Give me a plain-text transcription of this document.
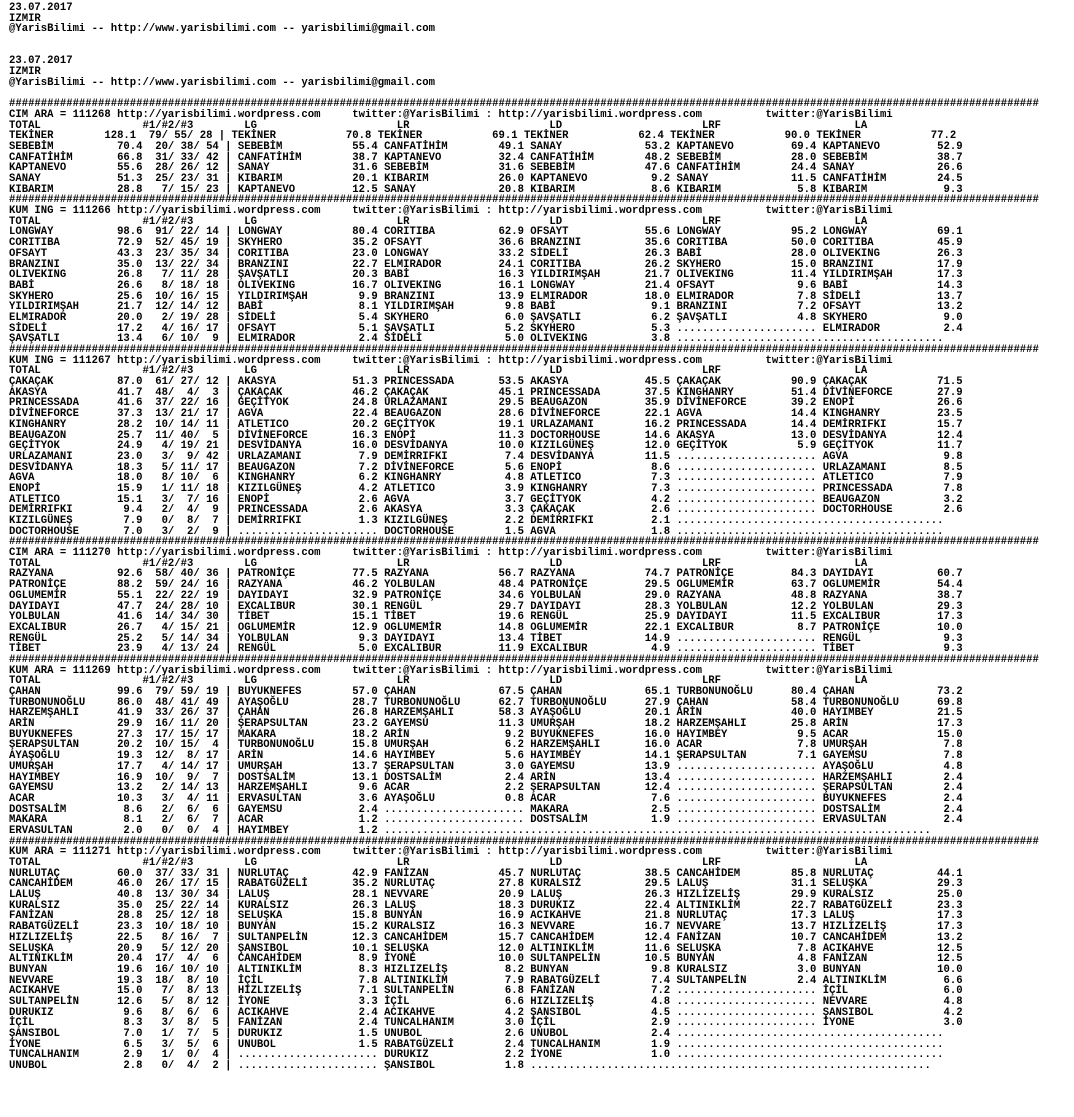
23.07.2017
IZMIR
@YarisBilimi -- http://www.yarisbilimi.com -- yarisbilimi@gmail.com

23.07.2017
IZMIR
@YarisBilimi -- http://www.yarisbilimi.com -- yarisbilimi@gmail.com

##################################################################################################################################################################
CIM ARA = 111268 http://yarisbilimi.wordpress.com     twitter:@YarisBilimi : http://yarisbilimi.wordpress.com          twitter:@YarisBilimi
TOTAL                #1/#2/#3        LG                      LR                      LD                      LRF                     LA
TEKİNER        128.1  79/ 55/ 28 | TEKİNER           70.8 TEKİNER           69.1 TEKİNER           62.4 TEKİNER           90.0 TEKİNER           77.2
SEBEBİM          70.4  20/ 38/ 54 | SEBEBİM           55.4 CANFATİHİM        49.1 SANAY             53.2 KAPTANEVO         69.4 KAPTANEVO         52.9
CANFATİHİM       66.8  31/ 33/ 42 | CANFATİHİM        38.7 KAPTANEVO         32.4 CANFATİHİM        48.2 SEBEBİM           28.0 SEBEBİM           38.7
KAPTANEVO        55.6  28/ 26/ 12 | SANAY             31.6 SEBEBİM           31.6 SEBEBİM           47.6 CANFATİHİM        24.4 SANAY             26.6
SANAY            51.3  25/ 23/ 31 | KIBARIM           20.1 KIBARIM           26.0 KAPTANEVO          9.2 SANAY             11.5 CANFATİHİM        24.5
KIBARIM          28.8   7/ 15/ 23 | KAPTANEVO         12.5 SANAY             20.8 KIBARIM            8.6 KIBARIM            5.8 KIBARIM            9.3
##################################################################################################################################################################
KUM ING = 111266 http://yarisbilimi.wordpress.com     twitter:@YarisBilimi : http://yarisbilimi.wordpress.com          twitter:@YarisBilimi
TOTAL                #1/#2/#3        LG                      LR                      LD                      LRF                     LA
LONGWAY          98.6  91/ 22/ 14 | LONGWAY           80.4 CORITIBA          62.9 OFSAYT            55.6 LONGWAY           95.2 LONGWAY           69.1
CORITIBA         72.9  52/ 45/ 19 | SKYHERO           35.2 OFSAYT            36.6 BRANZINI          35.6 CORITIBA          50.0 CORITIBA          45.9
OFSAYT           43.3  23/ 35/ 34 | CORITIBA          23.0 LONGWAY           33.2 SİDELİ            26.3 BABİ              28.0 OLIVEKING         26.3
BRANZINI         35.0  13/ 22/ 34 | BRANZINI          22.7 ELMIRADOR         24.1 CORITIBA          26.2 SKYHERO           15.0 BRANZINI          17.9
OLIVEKING        26.8   7/ 11/ 28 | ŞAVŞATLI          20.3 BABİ              16.3 YILDIRIMŞAH       21.7 OLIVEKING         11.4 YILDIRIMŞAH       17.3
BABİ             26.6   8/ 18/ 18 | OLIVEKING         16.7 OLIVEKING         16.1 LONGWAY           21.4 OFSAYT             9.6 BABİ              14.3
SKYHERO          25.6  10/ 16/ 15 | YILDIRIMŞAH        9.9 BRANZINI          13.9 ELMIRADOR         18.0 ELMIRADOR          7.8 SİDELİ            13.7
YILDIRIMŞAH      21.7  12/ 14/ 12 | BABİ               8.1 YILDIRIMŞAH        9.8 BABİ               9.1 BRANZINI           7.2 OFSAYT            13.2
ELMIRADOR        20.0   2/ 19/ 28 | SİDELİ             5.4 SKYHERO            6.0 ŞAVŞATLI           6.2 ŞAVŞATLI           4.8 SKYHERO            9.0
SİDELİ           17.2   4/ 16/ 17 | OFSAYT             5.1 ŞAVŞATLI           5.2 SKYHERO            5.3 ...................... ELMIRADOR          2.4
ŞAVŞATLI         13.4   6/ 10/  9 | ELMIRADOR          2.4 SİDELİ             5.0 OLIVEKING          3.8 ..........................................
##################################################################################################################################################################
KUM ING = 111267 http://yarisbilimi.wordpress.com     twitter:@YarisBilimi : http://yarisbilimi.wordpress.com          twitter:@YarisBilimi
TOTAL                #1/#2/#3        LG                      LR                      LD                      LRF                     LA
ÇAKAÇAK          87.0  61/ 27/ 12 | AKASYA            51.3 PRINCESSADA       53.5 AKASYA            45.5 ÇAKAÇAK           90.9 ÇAKAÇAK           71.5
AKASYA           41.7  48/  4/  3 | ÇAKAÇAK           46.2 ÇAKAÇAK           45.1 PRINCESSADA       37.5 KINGHANRY         51.4 DİVİNEFORCE       27.9
PRINCESSADA      41.6  37/ 22/ 16 | GEÇİTYOK          24.8 URLAZAMANI        29.5 BEAUGAZON         35.9 DİVİNEFORCE       39.2 ENOPİ             26.6
DİVİNEFORCE      37.3  13/ 21/ 17 | AGVA              22.4 BEAUGAZON         28.6 DİVİNEFORCE       22.1 AGVA              14.4 KINGHANRY         23.5
KINGHANRY        28.2  10/ 14/ 11 | ATLETICO          20.2 GEÇİTYOK          19.1 URLAZAMANI        16.2 PRINCESSADA       14.4 DEMİRRIFKI        15.7
BEAUGAZON        25.7  11/ 40/  5 | DİVİNEFORCE       16.3 ENOPİ             11.3 DOCTORHOUSE       14.6 AKASYA            13.0 DESVİDANYA        12.4
GEÇİTYOK         24.9   4/ 19/ 21 | DESVİDANYA        16.0 DESVİDANYA        10.0 KIZILGÜNEŞ        12.0 GEÇİTYOK           5.9 GEÇİTYOK          11.7
URLAZAMANI       23.0   3/  9/ 42 | URLAZAMANI         7.9 DEMİRRIFKI         7.4 DESVİDANYA        11.5 ...................... AGVA               9.8
DESVİDANYA       18.3   5/ 11/ 17 | BEAUGAZON          7.2 DİVİNEFORCE        5.6 ENOPİ              8.6 ...................... URLAZAMANI         8.5
AGVA             18.0   8/ 10/  6 | KINGHANRY          6.2 KINGHANRY          4.8 ATLETICO           7.3 ...................... ATLETICO           7.9
ENOPİ            15.9   1/ 11/ 18 | KIZILGÜNEŞ         4.2 ATLETICO           3.9 KINGHANRY          7.3 ...................... PRINCESSADA        7.8
ATLETICO         15.1   3/  7/ 16 | ENOPİ              2.6 AGVA               3.7 GEÇİTYOK           4.2 ...................... BEAUGAZON          3.2
DEMİRRIFKI        9.4   2/  4/  9 | PRINCESSADA        2.6 AKASYA             3.3 ÇAKAÇAK            2.6 ...................... DOCTORHOUSE        2.6
KIZILGÜNEŞ        7.9   0/  8/  7 | DEMİRRIFKI         1.3 KIZILGÜNEŞ         2.2 DEMİRRIFKI         2.1 ..........................................
DOCTORHOUSE       7.0   3/  2/  9 | ...................... DOCTORHOUSE        1.5 AGVA               1.8 ..........................................
##################################################################################################################################################################
CIM ARA = 111270 http://yarisbilimi.wordpress.com     twitter:@YarisBilimi : http://yarisbilimi.wordpress.com          twitter:@YarisBilimi
TOTAL                #1/#2/#3        LG                      LR                      LD                      LRF                     LA
RAZYANA          92.6  58/ 40/ 36 | PATRONİÇE         77.5 RAZYANA           56.7 RAZYANA           74.7 PATRONİÇE         84.3 DAYIDAYI          60.7
PATRONİÇE        88.2  59/ 24/ 16 | RAZYANA           46.2 YOLBULAN          48.4 PATRONİÇE         29.5 OGLUMEMİR         63.7 OGLUMEMİR         54.4
OGLUMEMİR        55.1  22/ 22/ 19 | DAYIDAYI          32.9 PATRONİÇE         34.6 YOLBULAN          29.0 RAZYANA           48.8 RAZYANA           38.7
DAYIDAYI         47.7  24/ 28/ 10 | EXCALIBUR         30.1 RENGÜL            29.7 DAYIDAYI          28.3 YOLBULAN          12.2 YOLBULAN          29.3
YOLBULAN         41.6  14/ 34/ 30 | TİBET             15.1 TİBET             19.6 RENGÜL            25.9 DAYIDAYI          11.5 EXCALIBUR         17.3
EXCALIBUR        26.7   4/ 15/ 21 | OGLUMEMİR         12.9 OGLUMEMİR         14.8 OGLUMEMİR         22.1 EXCALIBUR          8.7 PATRONİÇE         10.0
RENGÜL           25.2   5/ 14/ 34 | YOLBULAN           9.3 DAYIDAYI          13.4 TİBET             14.9 ...................... RENGÜL             9.3
TİBET            23.9   4/ 13/ 24 | RENGÜL             5.0 EXCALIBUR         11.9 EXCALIBUR          4.9 ...................... TİBET              9.3
##################################################################################################################################################################
KUM ARA = 111269 http://yarisbilimi.wordpress.com     twitter:@YarisBilimi : http://yarisbilimi.wordpress.com          twitter:@YarisBilimi
TOTAL                #1/#2/#3        LG                      LR                      LD                      LRF                     LA
ÇAHAN            99.6  79/ 59/ 19 | BUYUKNEFES        57.0 ÇAHAN             67.5 ÇAHAN             65.1 TURBONUNOĞLU      80.4 ÇAHAN             73.2
TURBONUNOĞLU     86.0  48/ 41/ 49 | AYAŞOĞLU          28.7 TURBONUNOĞLU      62.7 TURBONUNOĞLU      27.9 ÇAHAN             58.4 TURBONUNOĞLU      69.8
HARZEMŞAHLI      41.9  33/ 26/ 37 | ÇAHAN             26.8 HARZEMŞAHLI       58.3 AYAŞOĞLU          20.1 ARİN              40.0 HAYIMBEY          21.5
ARİN             29.9  16/ 11/ 20 | ŞERAPSULTAN       23.2 GAYEMSU           11.3 UMURŞAH           18.2 HARZEMŞAHLI       25.8 ARİN              17.3
BUYUKNEFES       27.3  17/ 15/ 17 | MAKARA            18.2 ARİN               9.2 BUYUKNEFES        16.0 HAYIMBEY           9.5 ACAR              15.0
ŞERAPSULTAN      20.2  10/ 15/  4 | TURBONUNOĞLU      15.8 UMURŞAH            6.2 HARZEMŞAHLI       16.0 ACAR               7.8 UMURŞAH            7.8
AYAŞOĞLU         19.3  12/  8/ 17 | ARİN              14.6 HAYIMBEY           5.6 HAYIMBEY          14.1 ŞERAPSULTAN        7.1 GAYEMSU            7.8
UMURŞAH          17.7   4/ 14/ 17 | UMURŞAH           13.7 ŞERAPSULTAN        3.0 GAYEMSU           13.9 ...................... AYAŞOĞLU           4.8
HAYIMBEY         16.9  10/  9/  7 | DOSTSALİM         13.1 DOSTSALİM          2.4 ARİN              13.4 ...................... HARZEMŞAHLI        2.4
GAYEMSU          13.2   2/ 14/ 13 | HARZEMŞAHLI        9.6 ACAR               2.2 ŞERAPSULTAN       12.4 ...................... ŞERAPSULTAN        2.4
ACAR             10.3   3/  4/ 11 | ERVASULTAN         3.6 AYAŞOĞLU           0.8 ACAR               7.6 ...................... BUYUKNEFES         2.4
DOSTSALİM         8.6   2/  6/  6 | GAYEMSU            2.4 ...................... MAKARA             2.5 ...................... DOSTSALİM          2.4
MAKARA            8.1   2/  6/  7 | ACAR               1.2 ...................... DOSTSALİM          1.9 ...................... ERVASULTAN         2.4
ERVASULTAN        2.0   0/  0/  4 | HAYIMBEY           1.2 ......................................................................................
##################################################################################################################################################################
KUM ARA = 111271 http://yarisbilimi.wordpress.com     twitter:@YarisBilimi : http://yarisbilimi.wordpress.com          twitter:@YarisBilimi
TOTAL                #1/#2/#3        LG                      LR                      LD                      LRF                     LA
NURLUTAÇ         60.0  37/ 33/ 31 | NURLUTAÇ          42.9 FANİZAN           45.7 NURLUTAÇ          38.5 CANCAHİDEM        85.8 NURLUTAÇ          44.1
CANCAHİDEM       46.0  26/ 17/ 15 | RABATGÜZELİ       35.2 NURLUTAÇ          27.8 KURALSIZ          29.5 LALUŞ             31.1 SELUŞKA           29.3
LALUŞ            40.8  13/ 30/ 34 | LALUŞ             28.1 NEVVARE           20.9 LALUŞ             26.3 HIZLIZELİŞ        29.9 KURALSIZ          25.0
KURALSIZ         35.0  25/ 22/ 14 | KURALSIZ          26.3 LALUŞ             18.3 DURUKIZ           22.4 ALTINIKLİM        22.7 RABATGÜZELİ       23.3
FANİZAN          28.8  25/ 12/ 18 | SELUŞKA           15.8 BUNYAN            16.9 ACIKAHVE          21.8 NURLUTAÇ          17.3 LALUŞ             17.3
RABATGÜZELİ      23.3  10/ 18/ 10 | BUNYAN            15.2 KURALSIZ          16.3 NEVVARE           16.7 NEVVARE           13.7 HIZLIZELİŞ        17.3
HIZLIZELİŞ       22.5   8/ 16/  7 | SULTANPELİN       12.3 CANCAHİDEM        15.7 CANCAHİDEM        12.4 FANİZAN           10.7 CANCAHİDEM        13.2
SELUŞKA          20.9   5/ 12/ 20 | ŞANSIBOL          10.1 SELUŞKA           12.0 ALTINIKLİM        11.6 SELUŞKA            7.8 ACIKAHVE          12.5
ALTINIKLİM       20.4  17/  4/  6 | CANCAHİDEM         8.9 İYONE             10.0 SULTANPELİN       10.5 BUNYAN             4.8 FANİZAN           12.5
BUNYAN           19.6  16/ 10/ 10 | ALTINIKLİM         8.3 HIZLIZELİŞ         8.2 BUNYAN             9.8 KURALSIZ           3.0 BUNYAN            10.0
NEVVARE          19.3  18/  8/ 10 | İÇİL               7.8 ALTINIKLİM         7.9 RABATGÜZELİ        7.4 SULTANPELİN        2.4 ALTINIKLİM         6.6
ACIKAHVE         15.0   7/  8/ 13 | HIZLIZELİŞ         7.1 SULTANPELİN        6.8 FANİZAN            7.2 ...................... İÇİL               6.0
SULTANPELİN      12.6   5/  8/ 12 | İYONE              3.3 İÇİL               6.6 HIZLIZELİŞ         4.8 ...................... NEVVARE            4.8
DURUKIZ           9.6   8/  6/  6 | ACIKAHVE           2.4 ACIKAHVE           4.2 ŞANSIBOL           4.5 ...................... ŞANSIBOL           4.2
İÇİL              8.3   3/  8/  5 | FANİZAN            2.4 TUNCALHANIM        3.0 İÇİL               2.9 ...................... İYONE              3.0
ŞANSIBOL          7.0   1/  7/  5 | DURUKIZ            1.5 UNUBOL             2.6 UNUBOL             2.4 ..........................................
İYONE             6.5   3/  5/  6 | UNUBOL             1.5 RABATGÜZELİ        2.4 TUNCALHANIM        1.9 ..........................................
TUNCALHANIM       2.9   1/  0/  4 | ...................... DURUKIZ            2.2 İYONE              1.0 ..........................................
UNUBOL            2.8   0/  4/  2 | ...................... ŞANSIBOL           1.8 ...............................................................
